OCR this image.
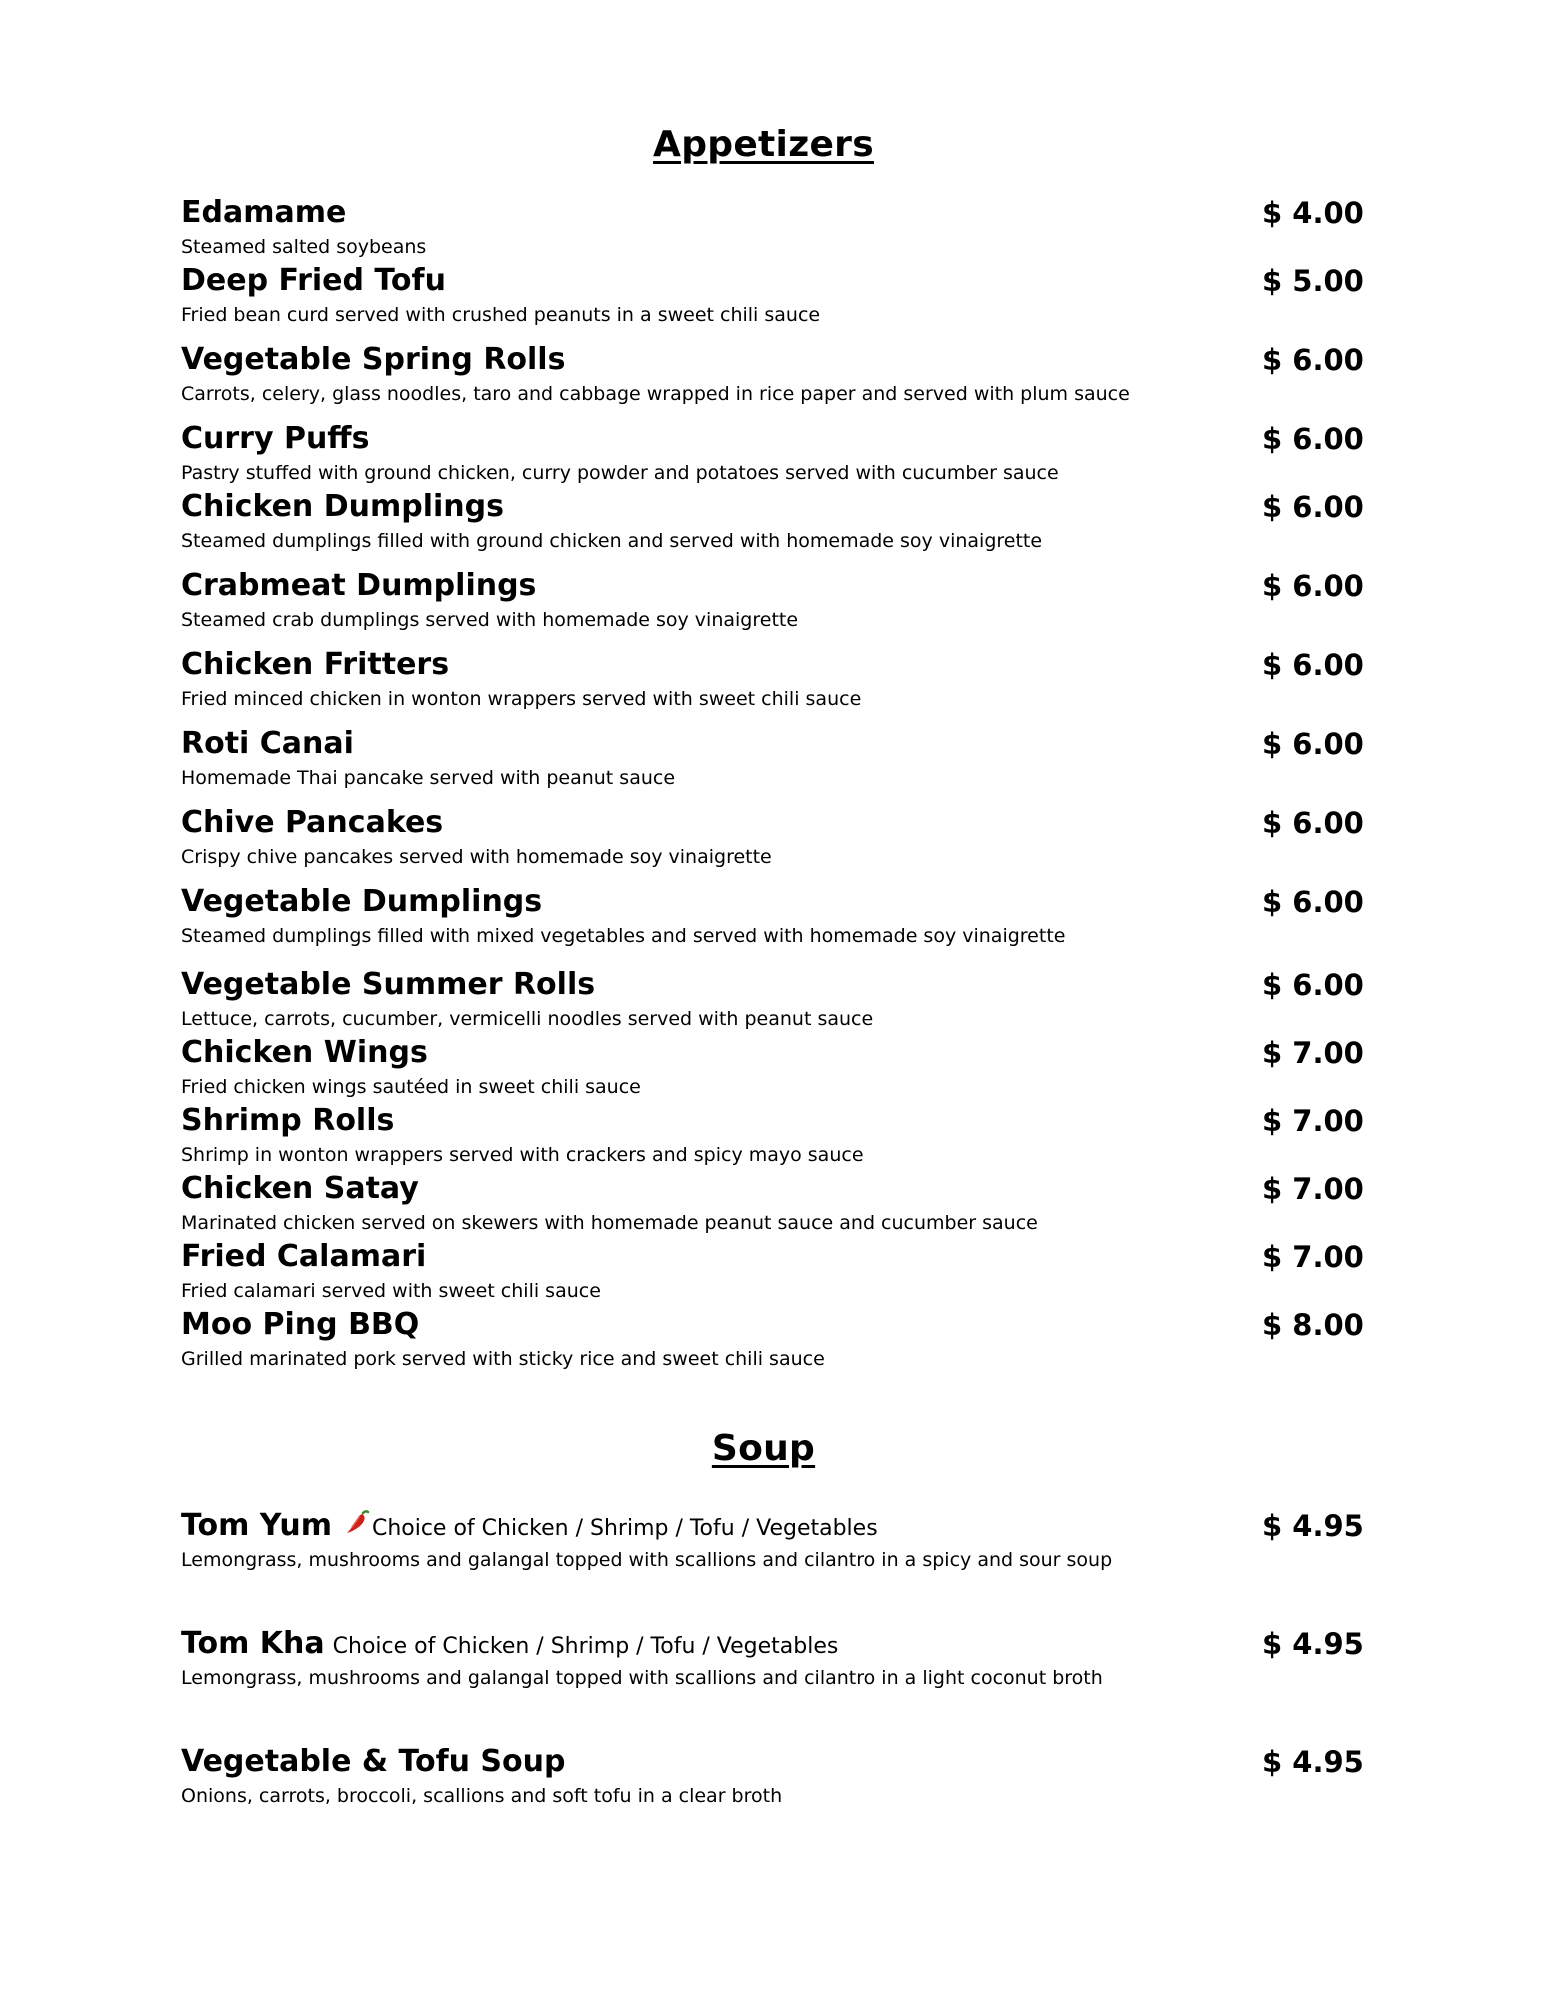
Appetizers
Edamame	$ 4.00
Steamed salted soybeans
Deep Fried Tofu	$ 5.00
Fried bean curd served with crushed peanuts in a sweet chili sauce
Vegetable Spring Rolls	$ 6.00
Carrots, celery, glass noodles, taro and cabbage wrapped in rice paper and served with plum sauce
Curry Puffs	$ 6.00
Pastry stuffed with ground chicken, curry powder and potatoes served with cucumber sauce
Chicken Dumplings	$ 6.00
Steamed dumplings filled with ground chicken and served with homemade soy vinaigrette
Crabmeat Dumplings	$ 6.00
Steamed crab dumplings served with homemade soy vinaigrette
Chicken Fritters	$ 6.00
Fried minced chicken in wonton wrappers served with sweet chili sauce
Roti Canai	$ 6.00
Homemade Thai pancake served with peanut sauce
Chive Pancakes	$ 6.00
Crispy chive pancakes served with homemade soy vinaigrette
Vegetable Dumplings	$ 6.00
Steamed dumplings filled with mixed vegetables and served with homemade soy vinaigrette
Vegetable Summer Rolls	$ 6.00
Lettuce, carrots, cucumber, vermicelli noodles served with peanut sauce
Chicken Wings	$ 7.00
Fried chicken wings sautéed in sweet chili sauce
Shrimp Rolls	$ 7.00
Shrimp in wonton wrappers served with crackers and spicy mayo sauce
Chicken Satay	$ 7.00
Marinated chicken served on skewers with homemade peanut sauce and cucumber sauce
Fried Calamari	$ 7.00
Fried calamari served with sweet chili sauce
Moo Ping BBQ	$ 8.00
Grilled marinated pork served with sticky rice and sweet chili sauce
Soup
Tom Yum Choice of Chicken / Shrimp / Tofu / Vegetables	$ 4.95
Lemongrass, mushrooms and galangal topped with scallions and cilantro in a spicy and sour soup
Tom Kha Choice of Chicken / Shrimp / Tofu / Vegetables	$ 4.95
Lemongrass, mushrooms and galangal topped with scallions and cilantro in a light coconut broth
Vegetable & Tofu Soup	$ 4.95
Onions, carrots, broccoli, scallions and soft tofu in a clear broth
